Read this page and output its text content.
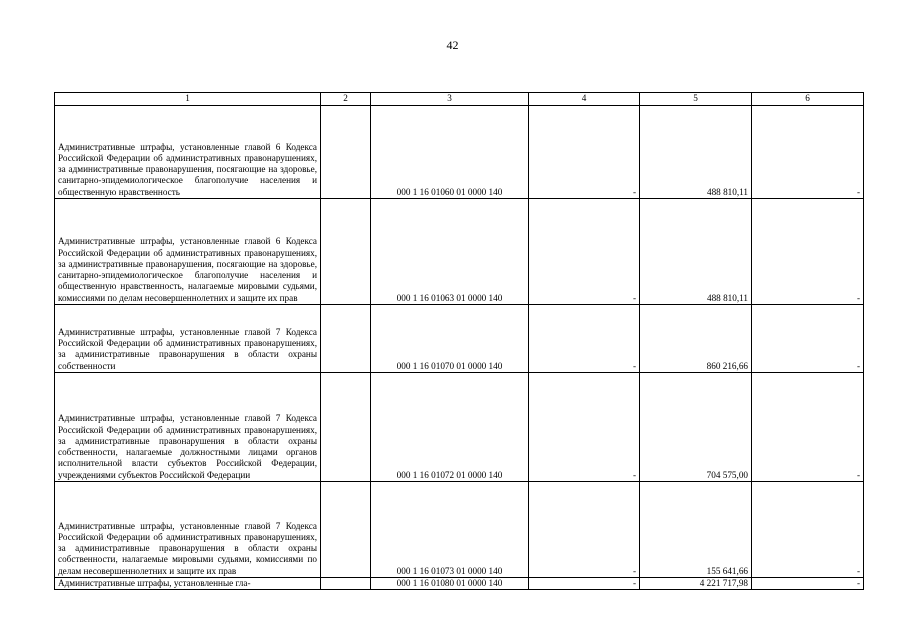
42
1	2	3	4	5	6
Административные штрафы, установленные главой 6 Кодекса Российской Федерации об административных правонарушениях, за административные правонарушения, посягающие на здоровье, санитарно-эпидемиологическое благополучие населения и общественную нравственность		000 1 16 01060 01 0000 140	-	488 810,11	-
Административные штрафы, установленные главой 6 Кодекса Российской Федерации об административных правонарушениях, за административные правонарушения, посягающие на здоровье, санитарно-эпидемиологическое благополучие населения и общественную нравственность, налагаемые мировыми судьями, комиссиями по делам несовершеннолетних и защите их прав		000 1 16 01063 01 0000 140	-	488 810,11	-
Административные штрафы, установленные главой 7 Кодекса Российской Федерации об административных правонарушениях, за административные правонарушения в области охраны собственности		000 1 16 01070 01 0000 140	-	860 216,66	-
Административные штрафы, установленные главой 7 Кодекса Российской Федерации об административных правонарушениях, за административные правонарушения в области охраны собственности, налагаемые должностными лицами органов исполнительной власти субъектов Российской Федерации, учреждениями субъектов Российской Федерации		000 1 16 01072 01 0000 140	-	704 575,00	-
Административные штрафы, установленные главой 7 Кодекса Российской Федерации об административных правонарушениях, за административные правонарушения в области охраны собственности, налагаемые мировыми судьями, комиссиями по делам несовершеннолетних и защите их прав		000 1 16 01073 01 0000 140	-	155 641,66	-
Административные штрафы, установленные гла-		000 1 16 01080 01 0000 140	-	4 221 717,98	-
